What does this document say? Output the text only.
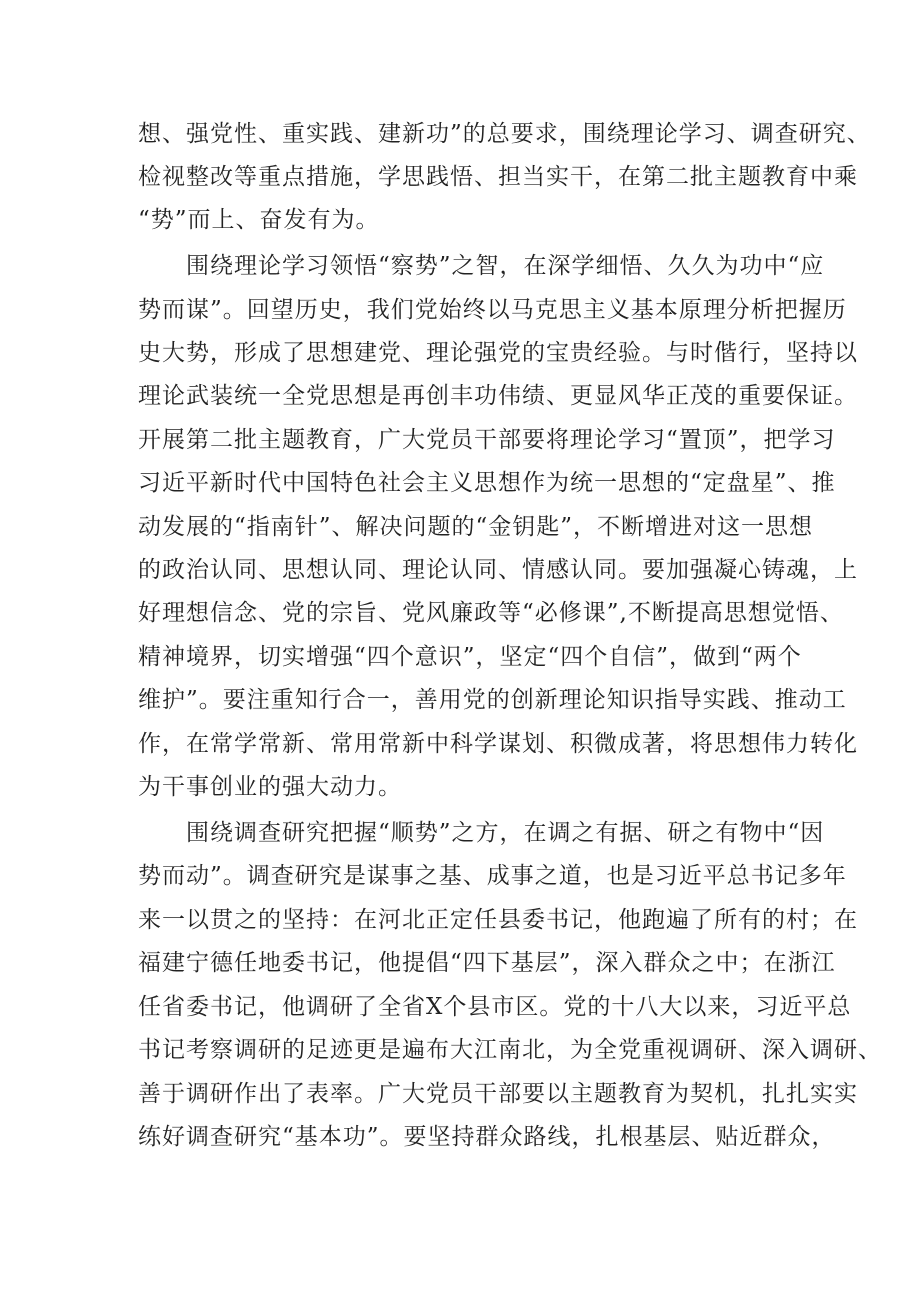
想、强党性、重实践、建新功”的总要求，围绕理论学习、调查研究、
检视整改等重点措施，学思践悟、担当实干，在第二批主题教育中乘
“势”而上、奋发有为。
围绕理论学习领悟“察势”之智，在深学细悟、久久为功中“应
势而谋”。回望历史，我们党始终以马克思主义基本原理分析把握历
史大势，形成了思想建党、理论强党的宝贵经验。与时偕行，坚持以
理论武装统一全党思想是再创丰功伟绩、更显风华正茂的重要保证。
开展第二批主题教育，广大党员干部要将理论学习“置顶”，把学习
习近平新时代中国特色社会主义思想作为统一思想的“定盘星”、推
动发展的“指南针”、解决问题的“金钥匙”，不断增进对这一思想
的政治认同、思想认同、理论认同、情感认同。要加强凝心铸魂，上
好理想信念、党的宗旨、党风廉政等“必修课”,不断提高思想觉悟、
精神境界，切实增强“四个意识”，坚定“四个自信”，做到“两个
维护”。要注重知行合一，善用党的创新理论知识指导实践、推动工
作，在常学常新、常用常新中科学谋划、积微成著，将思想伟力转化
为干事创业的强大动力。
围绕调查研究把握“顺势”之方，在调之有据、研之有物中“因
势而动”。调查研究是谋事之基、成事之道，也是习近平总书记多年
来一以贯之的坚持：在河北正定任县委书记，他跑遍了所有的村；在
福建宁德任地委书记，他提倡“四下基层”，深入群众之中；在浙江
任省委书记，他调研了全省X个县市区。党的十八大以来，习近平总
书记考察调研的足迹更是遍布大江南北，为全党重视调研、深入调研、
善于调研作出了表率。广大党员干部要以主题教育为契机，扎扎实实
练好调查研究“基本功”。要坚持群众路线，扎根基层、贴近群众，
